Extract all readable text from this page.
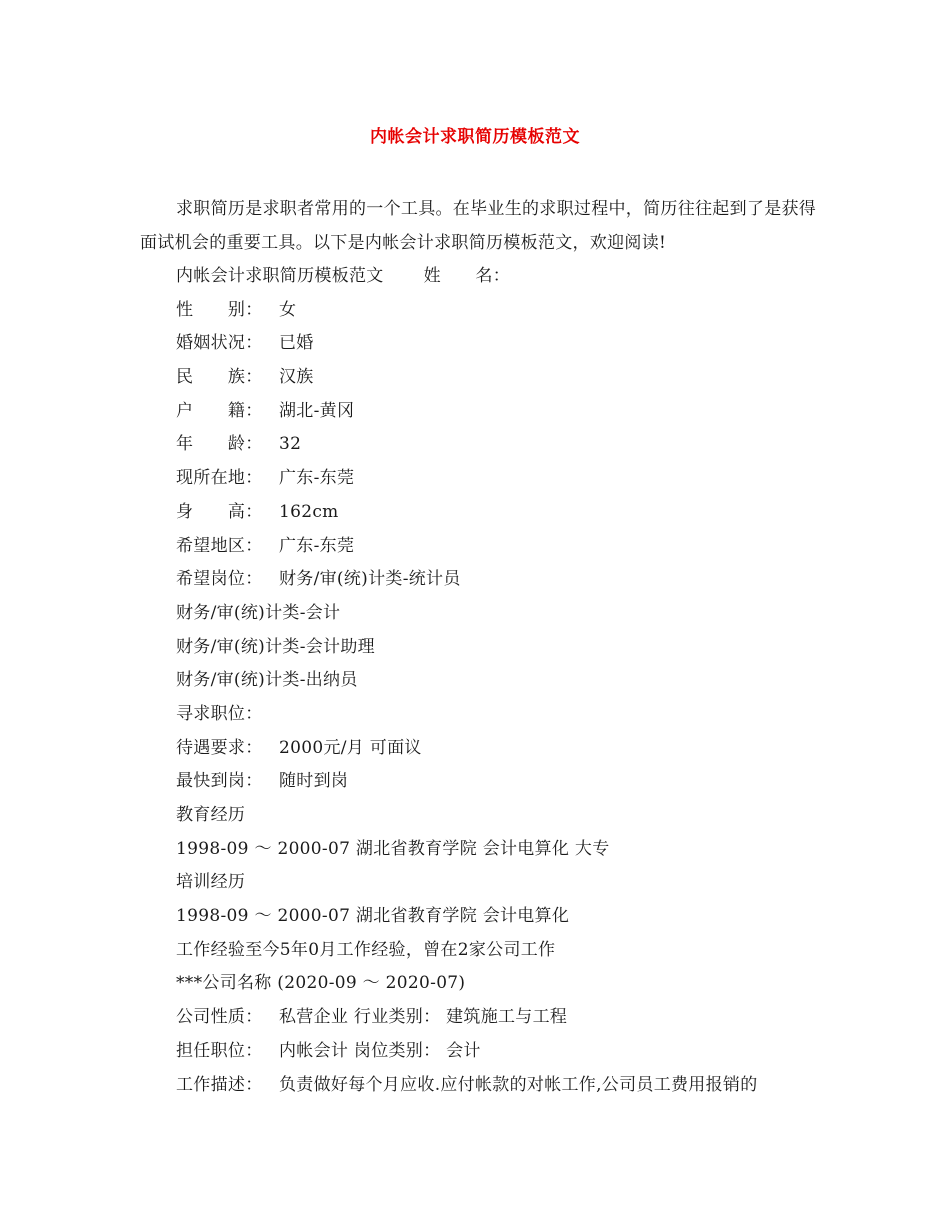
内帐会计求职简历模板范文
求职简历是求职者常用的一个工具。在毕业生的求职过程中，简历往往起到了是获得面试机会的重要工具。以下是内帐会计求职简历模板范文，欢迎阅读!
内帐会计求职简历模板范文 姓　　名：
性　　别： 女
婚姻状况： 已婚
民　　族： 汉族
户　　籍： 湖北-黄冈
年　　龄： 32
现所在地： 广东-东莞
身　　高： 162cm
希望地区： 广东-东莞
希望岗位： 财务/审(统)计类-统计员
财务/审(统)计类-会计
财务/审(统)计类-会计助理
财务/审(统)计类-出纳员
寻求职位：
待遇要求： 2000元/月 可面议
最快到岗： 随时到岗
教育经历
1998-09 ～ 2000-07 湖北省教育学院 会计电算化 大专
培训经历
1998-09 ～ 2000-07 湖北省教育学院 会计电算化
工作经验至今5年0月工作经验，曾在2家公司工作
***公司名称 (2020-09 ～ 2020-07)
公司性质： 私营企业 行业类别： 建筑施工与工程
担任职位： 内帐会计 岗位类别： 会计
工作描述： 负责做好每个月应收.应付帐款的对帐工作,公司员工费用报销的
